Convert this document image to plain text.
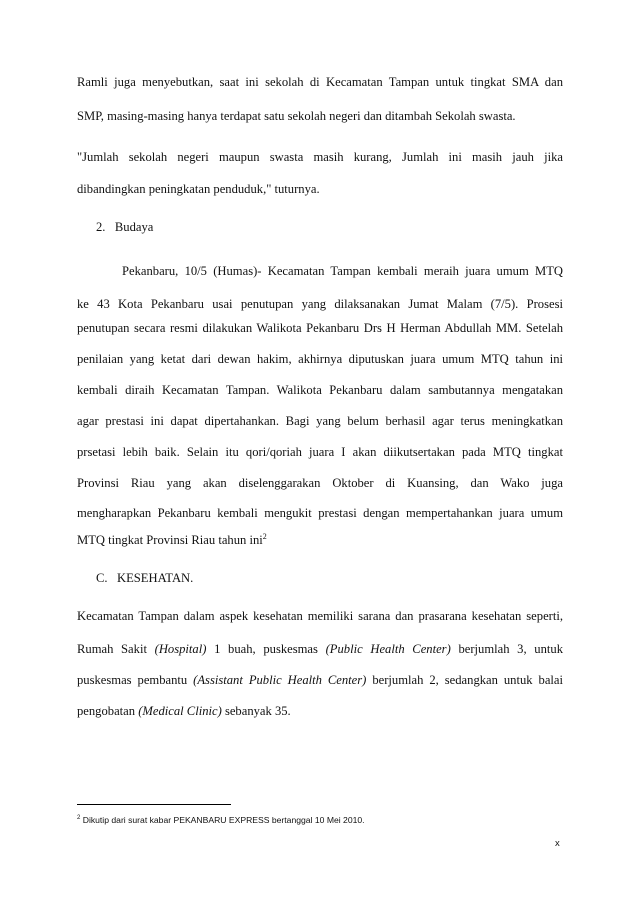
Ramli juga menyebutkan, saat ini sekolah di Kecamatan Tampan untuk tingkat SMA dan
SMP, masing-masing hanya terdapat satu sekolah negeri dan ditambah Sekolah swasta.
"Jumlah sekolah negeri maupun swasta masih kurang, Jumlah ini masih jauh jika
dibandingkan peningkatan penduduk," tuturnya.
2.   Budaya
Pekanbaru, 10/5 (Humas)- Kecamatan Tampan kembali meraih juara umum MTQ
ke 43 Kota Pekanbaru usai penutupan yang dilaksanakan Jumat Malam (7/5). Prosesi
penutupan secara resmi dilakukan Walikota Pekanbaru Drs H Herman Abdullah MM. Setelah
penilaian yang ketat dari dewan hakim, akhirnya diputuskan juara umum MTQ tahun ini
kembali diraih Kecamatan Tampan. Walikota Pekanbaru dalam sambutannya mengatakan
agar prestasi ini dapat dipertahankan. Bagi yang belum berhasil agar terus meningkatkan
prsetasi lebih baik. Selain itu qori/qoriah juara I akan diikutsertakan pada MTQ tingkat
Provinsi Riau yang akan diselenggarakan Oktober di Kuansing, dan Wako juga
mengharapkan Pekanbaru kembali mengukit prestasi dengan mempertahankan juara umum
MTQ tingkat Provinsi Riau tahun ini$^2$
C.   KESEHATAN.
Kecamatan Tampan dalam aspek kesehatan memiliki sarana dan prasarana kesehatan seperti,
Rumah Sakit (Hospital) 1 buah, puskesmas (Public Health Center) berjumlah 3, untuk
puskesmas pembantu (Assistant Public Health Center) berjumlah 2, sedangkan untuk balai
pengobatan (Medical Clinic) sebanyak 35.
$^2$ Dikutip dari surat kabar PEKANBARU EXPRESS bertanggal 10 Mei 2010.
x
